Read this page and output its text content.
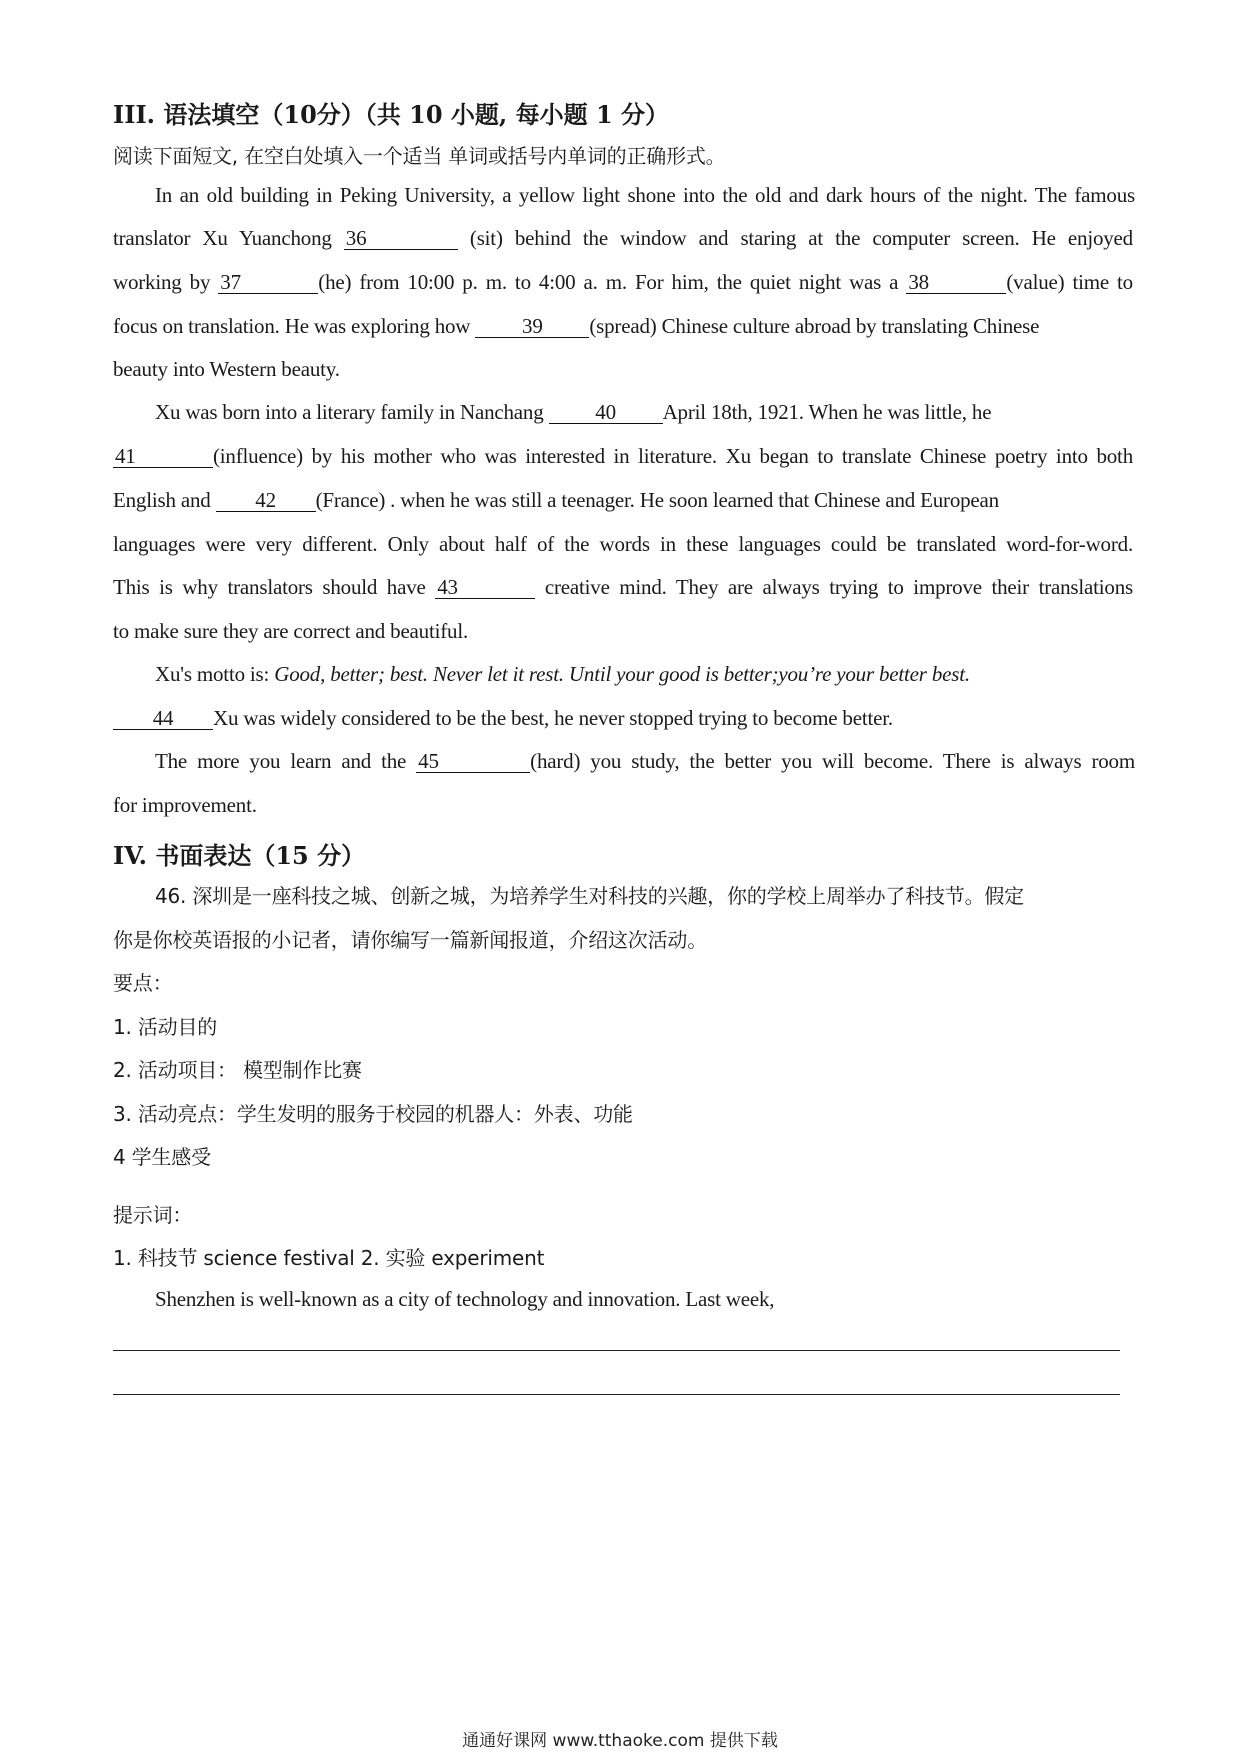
III. 语法填空（10分）（共 10 小题, 每小题 1 分）
阅读下面短文, 在空白处填入一个适当 单词或括号内单词的正确形式。
In an old building in Peking University, a yellow light shone into the old and dark hours of the night. The famous
translator Xu Yuanchong 36	(sit) behind the window and staring at the computer screen. He enjoyed
working by 37	(he) from 10:00 p. m. to 4:00 a. m. For him, the quiet night was a 38	(value) time to
focus on translation. He was exploring how 39 (spread) Chinese culture abroad by translating Chinese
beauty into Western beauty.
Xu was born into a literary family in Nanchang 40 April 18th, 1921. When he was little, he
41	(influence) by his mother who was interested in literature. Xu began to translate Chinese poetry into both
English and 42 (France) . when he was still a teenager. He soon learned that Chinese and European
languages were very different. Only about half of the words in these languages could be translated word-for-word.
This is why translators should have 43	creative mind. They are always trying to improve their translations
to make sure they are correct and beautiful.
Xu's motto is: Good, better; best. Never let it rest. Until your good is better;you’re your better best.
44 Xu was widely considered to be the best, he never stopped trying to become better.
The more you learn and the 45	(hard) you study, the better you will become. There is always room
for improvement.
IV. 书面表达（15 分）
46. 深圳是一座科技之城、创新之城，为培养学生对科技的兴趣，你的学校上周举办了科技节。假定
你是你校英语报的小记者，请你编写一篇新闻报道，介绍这次活动。
要点：
1. 活动目的
2. 活动项目： 模型制作比赛
3. 活动亮点：学生发明的服务于校园的机器人：外表、功能
4 学生感受
提示词：
1. 科技节 science festival 2. 实验 experiment
Shenzhen is well-known as a city of technology and innovation. Last week,
通通好课网 www.tthaoke.com 提供下载
